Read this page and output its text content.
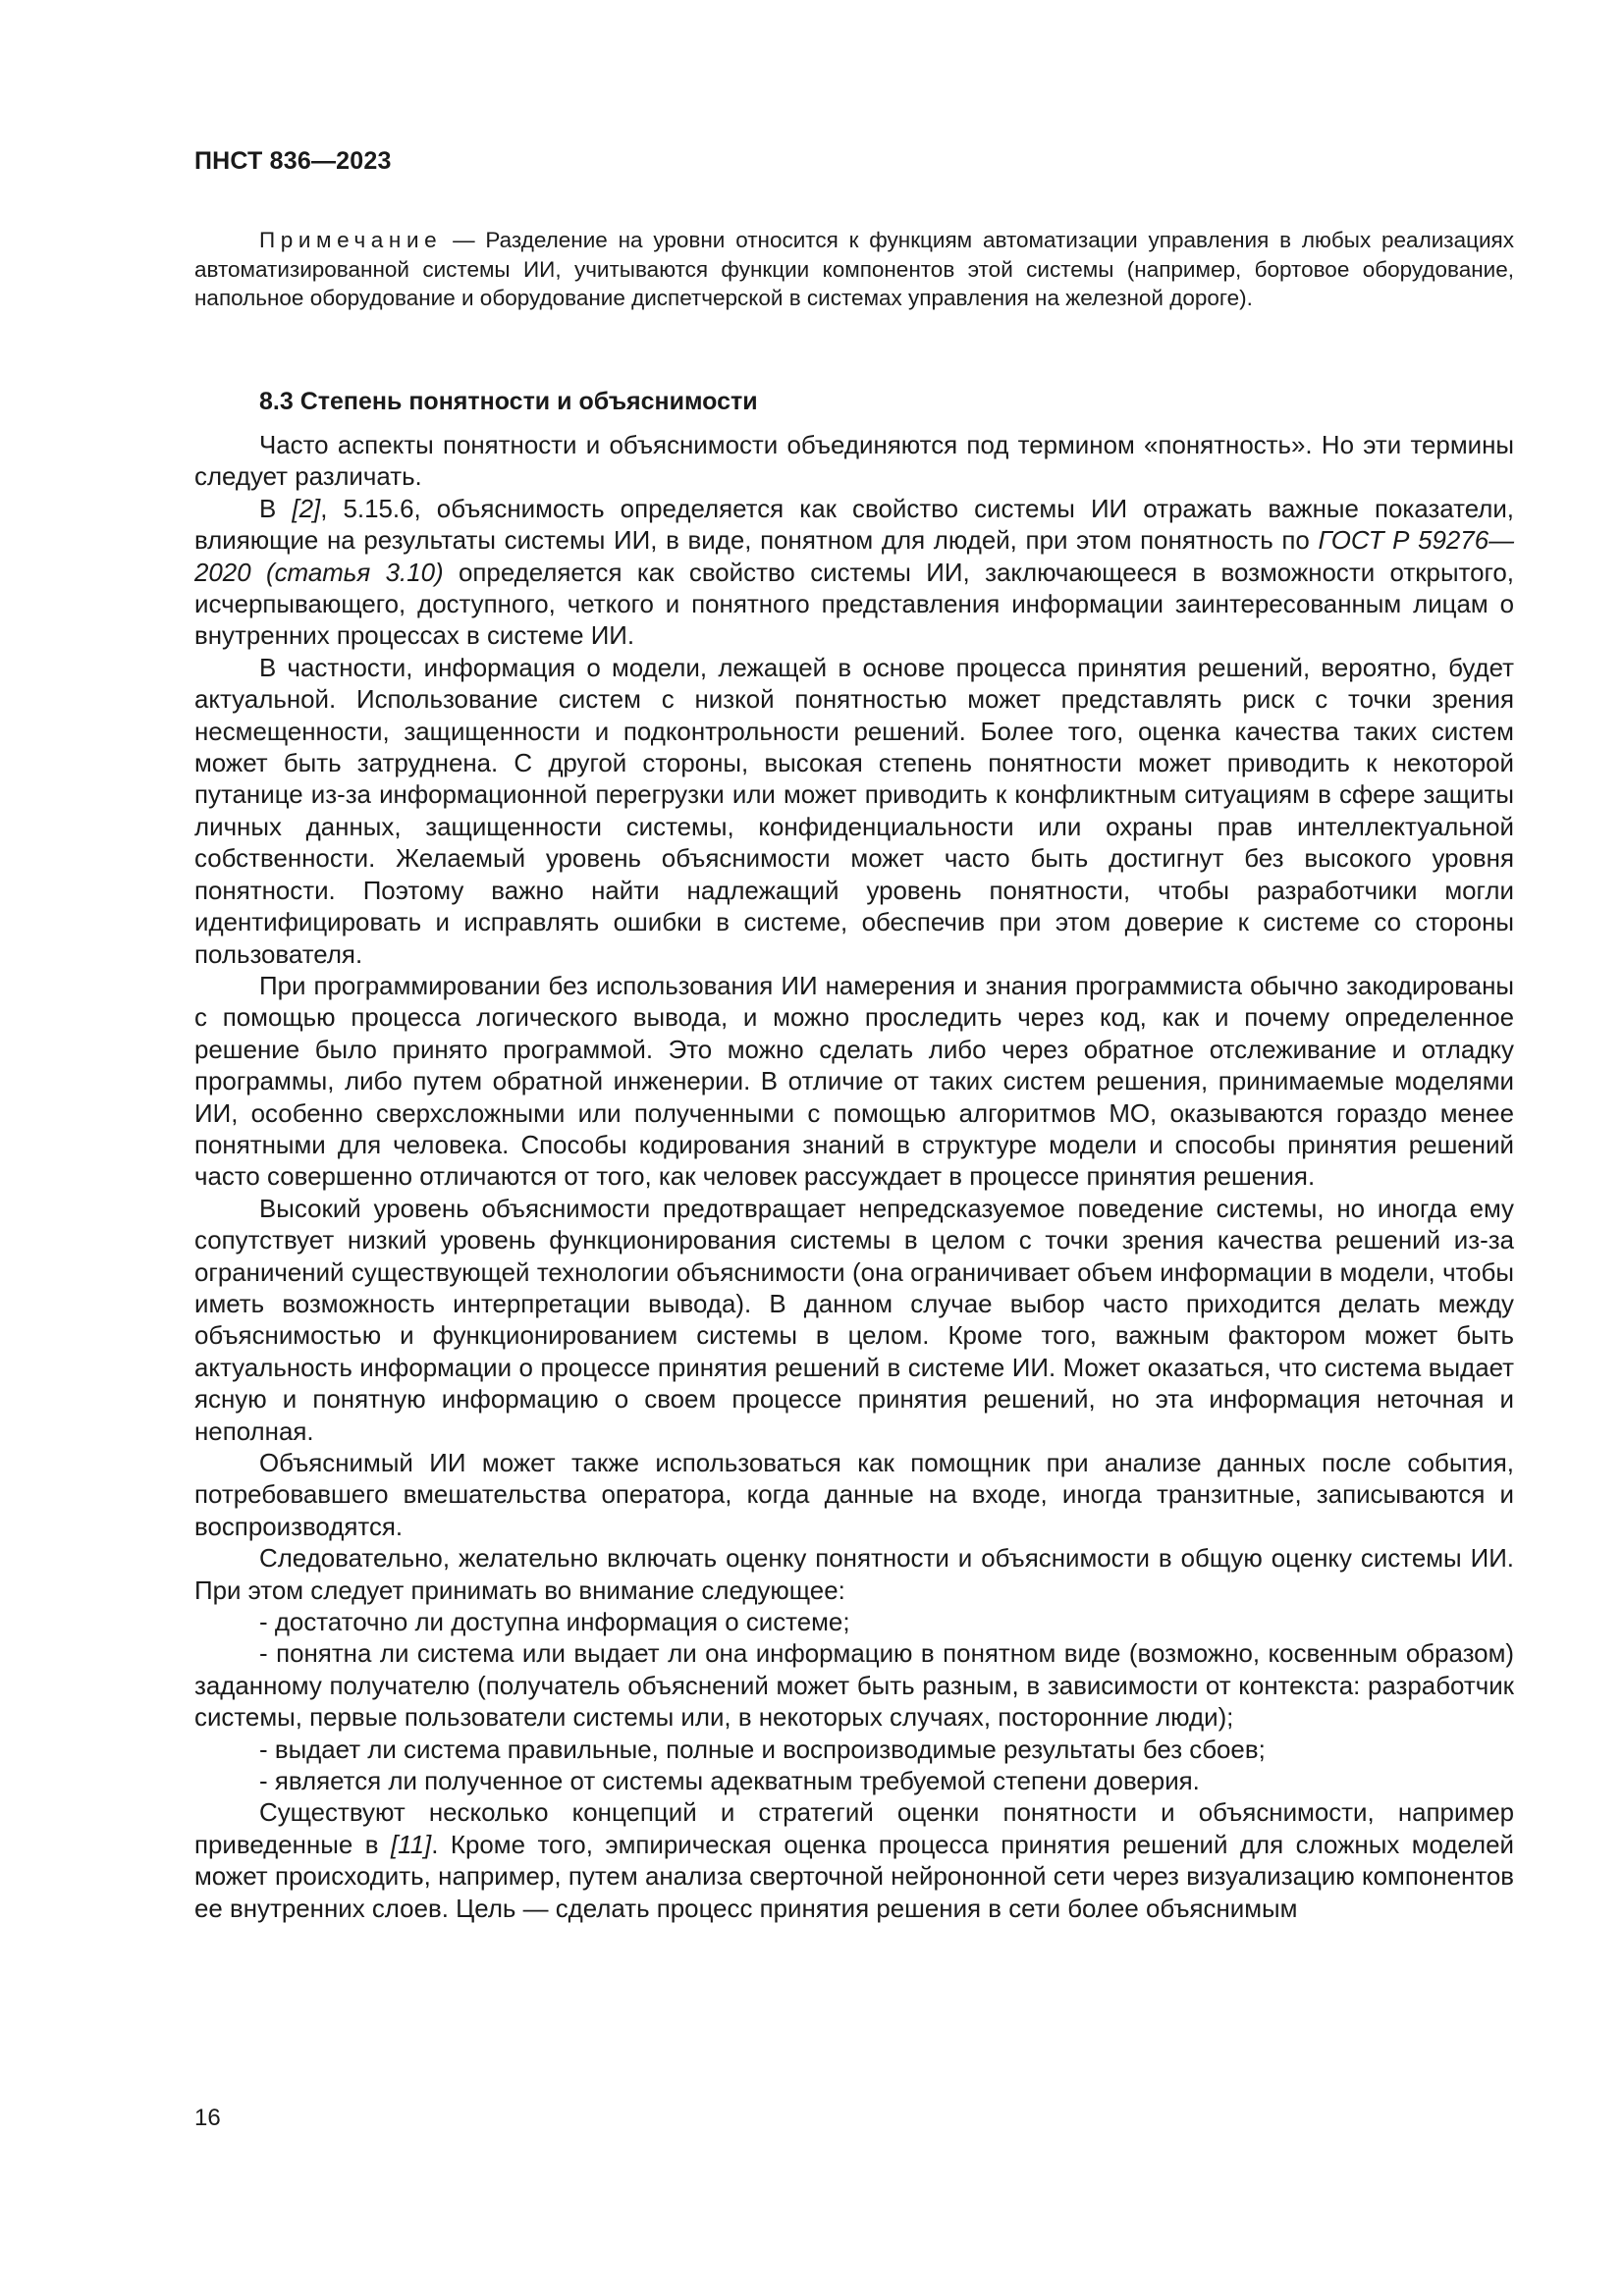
ПНСТ 836—2023

Примечание — Разделение на уровни относится к функциям автоматизации управления в любых реализациях автоматизированной системы ИИ, учитываются функции компонентов этой системы (например, бортовое оборудование, напольное оборудование и оборудование диспетчерской в системах управления на железной дороге).

8.3 Степень понятности и объяснимости

Часто аспекты понятности и объяснимости объединяются под термином «понятность». Но эти термины следует различать.

В [2], 5.15.6, объяснимость определяется как свойство системы ИИ отражать важные показатели, влияющие на результаты системы ИИ, в виде, понятном для людей, при этом понятность по ГОСТ Р 59276—2020 (статья 3.10) определяется как свойство системы ИИ, заключающееся в возможности открытого, исчерпывающего, доступного, четкого и понятного представления информации заинтересованным лицам о внутренних процессах в системе ИИ.

В частности, информация о модели, лежащей в основе процесса принятия решений, вероятно, будет актуальной. Использование систем с низкой понятностью может представлять риск с точки зрения несмещенности, защищенности и подконтрольности решений. Более того, оценка качества таких систем может быть затруднена. С другой стороны, высокая степень понятности может приводить к некоторой путанице из-за информационной перегрузки или может приводить к конфликтным ситуациям в сфере защиты личных данных, защищенности системы, конфиденциальности или охраны прав интеллектуальной собственности. Желаемый уровень объяснимости может часто быть достигнут без высокого уровня понятности. Поэтому важно найти надлежащий уровень понятности, чтобы разработчики могли идентифицировать и исправлять ошибки в системе, обеспечив при этом доверие к системе со стороны пользователя.

При программировании без использования ИИ намерения и знания программиста обычно закодированы с помощью процесса логического вывода, и можно проследить через код, как и почему определенное решение было принято программой. Это можно сделать либо через обратное отслеживание и отладку программы, либо путем обратной инженерии. В отличие от таких систем решения, принимаемые моделями ИИ, особенно сверхсложными или полученными с помощью алгоритмов МО, оказываются гораздо менее понятными для человека. Способы кодирования знаний в структуре модели и способы принятия решений часто совершенно отличаются от того, как человек рассуждает в процессе принятия решения.

Высокий уровень объяснимости предотвращает непредсказуемое поведение системы, но иногда ему сопутствует низкий уровень функционирования системы в целом с точки зрения качества решений из-за ограничений существующей технологии объяснимости (она ограничивает объем информации в модели, чтобы иметь возможность интерпретации вывода). В данном случае выбор часто приходится делать между объяснимостью и функционированием системы в целом. Кроме того, важным фактором может быть актуальность информации о процессе принятия решений в системе ИИ. Может оказаться, что система выдает ясную и понятную информацию о своем процессе принятия решений, но эта информация неточная и неполная.

Объяснимый ИИ может также использоваться как помощник при анализе данных после события, потребовавшего вмешательства оператора, когда данные на входе, иногда транзитные, записываются и воспроизводятся.

Следовательно, желательно включать оценку понятности и объяснимости в общую оценку системы ИИ. При этом следует принимать во внимание следующее:

- достаточно ли доступна информация о системе;

- понятна ли система или выдает ли она информацию в понятном виде (возможно, косвенным образом) заданному получателю (получатель объяснений может быть разным, в зависимости от контекста: разработчик системы, первые пользователи системы или, в некоторых случаях, посторонние люди);

- выдает ли система правильные, полные и воспроизводимые результаты без сбоев;

- является ли полученное от системы адекватным требуемой степени доверия.

Существуют несколько концепций и стратегий оценки понятности и объяснимости, например приведенные в [11]. Кроме того, эмпирическая оценка процесса принятия решений для сложных моделей может происходить, например, путем анализа сверточной нейрононной сети через визуализацию компонентов ее внутренних слоев. Цель — сделать процесс принятия решения в сети более объяснимым

16
